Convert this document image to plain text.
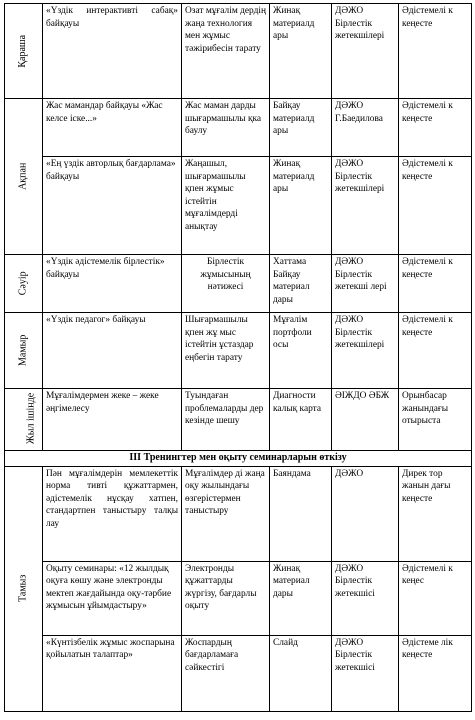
Қараша	«Үздік интерактивті сабақ» байқауы	Озат мұғалім дердің жаңа технология мен жұмыс тәжірибесін тарату	Жинақ материалд ары	ДӘЖО Бірлестік жетекшілері	Әдістемелі к кеңесте
Ақпан	Жас мамандар байқауы «Жас келсе іске...»	Жас маман дарды шығармашылы қка баулу	Байқау материалд ары	ДӘЖО Г.Баедилова	Әдістемелі к кеңесте
	«Ең үздік авторлық бағдарлама» байқауы	Жаңашыл, шығармашылы қпен жұмыс істейтін мұғалімдерді анықтау	Жинақ материалд ары	ДӘЖО Бірлестік жетекшілері	Әдістемелі к кеңесте
Сәуір	«Үздік әдістемелік бірлестік» байқауы	Бірлестік жұмысының нәтижесі	Хаттама Байқау материал дары	ДӘЖО Бірлестік жетекші лері	Әдістемелі к кеңесте
Мамыр	«Үздік педагог» байқауы	Шығармашылы қпен жұ мыс істейтін ұстаздар еңбегін тарату	Мұғалім портфоли осы	ДӘЖО Бірлестік жетекшілері	Әдістемелі к кеңесте
Жыл ішінде	Мұғалімдермен жеке – жеке әңгімелесу	Туындаған проблемаларды дер кезінде шешу	Диагности калық карта	ӘІЖДО ӘБЖ	Орынбасар жанындағы отырыста
ІІІ Тренингтер мен оқыту семинарларын өткізу					
Тамыз	Пән мұғалімдерін мемлекеттік норма тивті құжаттармен, әдістемелік нұсқау хатпен, стандартпен таныстыру талқы лау	Мұғалімдер ді жаңа оқу жылындағы өзгерістермен таныстыру	Баяндама	ДӘЖО	Дирек тор жанын дағы кеңесте
	Оқыту семинары: «12 жылдық оқуға көшу және электронды мектеп жағдайында оқу-тәрбие жұмысын ұйымдастыру»	Электронды құжаттарды жүргізу, бағдарлы оқыту	Жинақ материал дары	ДӘЖО Бірлестік жетекшісі	Әдістемелі к кеңес
	«Күнтізбелік жұмыс жоспарына қойылатын талаптар»	Жоспардың бағдарламаға сәйкестігі	Слайд	ДӘЖО Бірлестік жетекшісі	Әдістеме лік кеңесте
